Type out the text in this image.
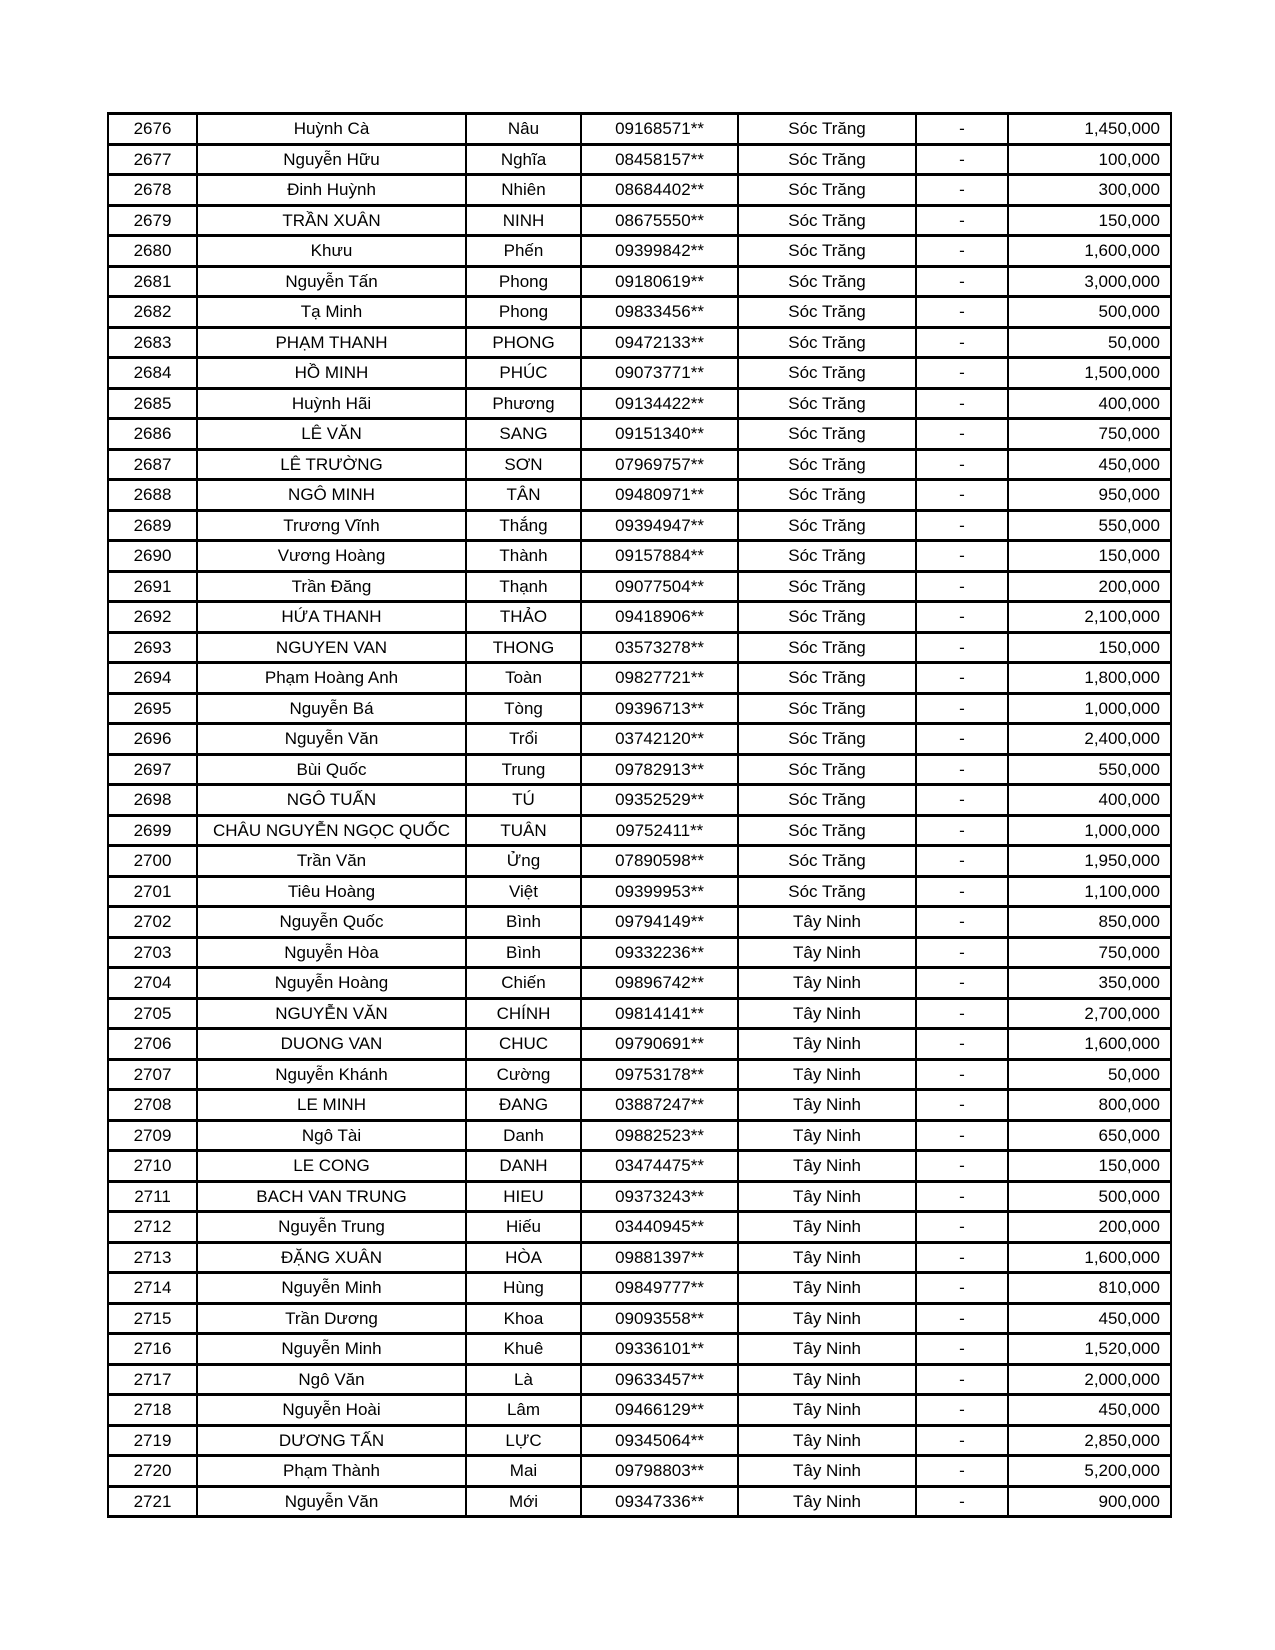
2676	Huỳnh Cà	Nâu	09168571**	Sóc Trăng	-	1,450,000
2677	Nguyễn Hữu	Nghĩa	08458157**	Sóc Trăng	-	100,000
2678	Đinh Huỳnh	Nhiên	08684402**	Sóc Trăng	-	300,000
2679	TRẦN XUÂN	NINH	08675550**	Sóc Trăng	-	150,000
2680	Khưu	Phến	09399842**	Sóc Trăng	-	1,600,000
2681	Nguyễn Tấn	Phong	09180619**	Sóc Trăng	-	3,000,000
2682	Tạ Minh	Phong	09833456**	Sóc Trăng	-	500,000
2683	PHẠM THANH	PHONG	09472133**	Sóc Trăng	-	50,000
2684	HỒ MINH	PHÚC	09073771**	Sóc Trăng	-	1,500,000
2685	Huỳnh Hãi	Phương	09134422**	Sóc Trăng	-	400,000
2686	LÊ VĂN	SANG	09151340**	Sóc Trăng	-	750,000
2687	LÊ TRƯỜNG	SƠN	07969757**	Sóc Trăng	-	450,000
2688	NGÔ MINH	TÂN	09480971**	Sóc Trăng	-	950,000
2689	Trương Vĩnh	Thắng	09394947**	Sóc Trăng	-	550,000
2690	Vương Hoàng	Thành	09157884**	Sóc Trăng	-	150,000
2691	Trần Đăng	Thạnh	09077504**	Sóc Trăng	-	200,000
2692	HỨA THANH	THẢO	09418906**	Sóc Trăng	-	2,100,000
2693	NGUYEN VAN	THONG	03573278**	Sóc Trăng	-	150,000
2694	Phạm Hoàng Anh	Toàn	09827721**	Sóc Trăng	-	1,800,000
2695	Nguyễn Bá	Tòng	09396713**	Sóc Trăng	-	1,000,000
2696	Nguyễn Văn	Trổi	03742120**	Sóc Trăng	-	2,400,000
2697	Bùi Quốc	Trung	09782913**	Sóc Trăng	-	550,000
2698	NGÔ TUẤN	TÚ	09352529**	Sóc Trăng	-	400,000
2699	CHÂU NGUYỄN NGỌC QUỐC	TUÂN	09752411**	Sóc Trăng	-	1,000,000
2700	Trần Văn	Ửng	07890598**	Sóc Trăng	-	1,950,000
2701	Tiêu Hoàng	Việt	09399953**	Sóc Trăng	-	1,100,000
2702	Nguyễn Quốc	Bình	09794149**	Tây Ninh	-	850,000
2703	Nguyễn Hòa	Bình	09332236**	Tây Ninh	-	750,000
2704	Nguyễn Hoàng	Chiến	09896742**	Tây Ninh	-	350,000
2705	NGUYỄN VĂN	CHÍNH	09814141**	Tây Ninh	-	2,700,000
2706	DUONG VAN	CHUC	09790691**	Tây Ninh	-	1,600,000
2707	Nguyễn Khánh	Cường	09753178**	Tây Ninh	-	50,000
2708	LE MINH	ĐANG	03887247**	Tây Ninh	-	800,000
2709	Ngô Tài	Danh	09882523**	Tây Ninh	-	650,000
2710	LE CONG	DANH	03474475**	Tây Ninh	-	150,000
2711	BACH VAN TRUNG	HIEU	09373243**	Tây Ninh	-	500,000
2712	Nguyễn Trung	Hiếu	03440945**	Tây Ninh	-	200,000
2713	ĐẶNG XUÂN	HÒA	09881397**	Tây Ninh	-	1,600,000
2714	Nguyễn Minh	Hùng	09849777**	Tây Ninh	-	810,000
2715	Trần Dương	Khoa	09093558**	Tây Ninh	-	450,000
2716	Nguyễn Minh	Khuê	09336101**	Tây Ninh	-	1,520,000
2717	Ngô Văn	Là	09633457**	Tây Ninh	-	2,000,000
2718	Nguyễn Hoài	Lâm	09466129**	Tây Ninh	-	450,000
2719	DƯƠNG TẤN	LỰC	09345064**	Tây Ninh	-	2,850,000
2720	Phạm Thành	Mai	09798803**	Tây Ninh	-	5,200,000
2721	Nguyễn Văn	Mới	09347336**	Tây Ninh	-	900,000
